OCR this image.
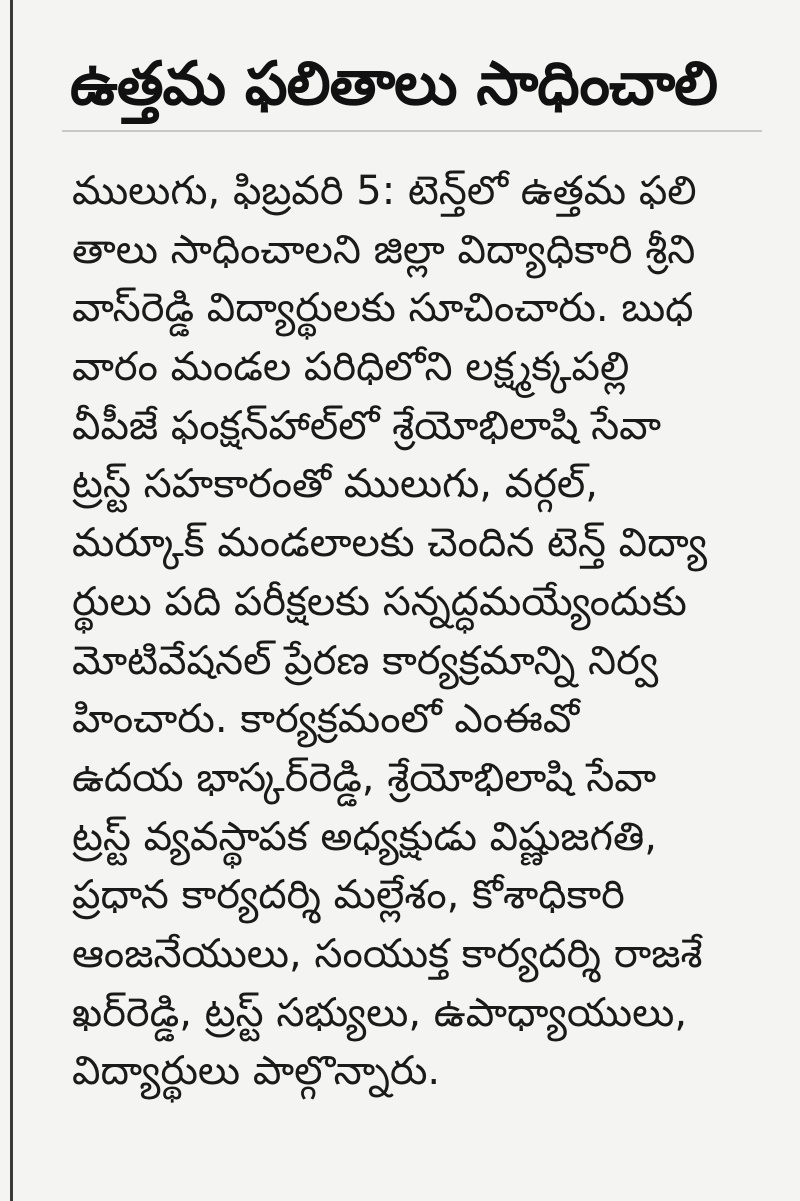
ఉత్తమ ఫలితాలు సాధించాలి
ములుగు, ఫిబ్రవరి 5: టెన్త్‌లో ఉత్తమ ఫలి
తాలు సాధించాలని జిల్లా విద్యాధికారి శ్రీని
వాస్‌రెడ్డి విద్యార్థులకు సూచించారు. బుధ
వారం మండల పరిధిలోని లక్ష్మక్కపల్లి
వీపీజే ఫంక్షన్‌హాల్‌లో శ్రేయోభిలాషి సేవా
ట్రస్ట్ సహకారంతో ములుగు, వర్గల్,
మర్కూక్ మండలాలకు చెందిన టెన్త్ విద్యా
ర్థులు పది పరీక్షలకు సన్నద్ధమయ్యేందుకు
మోటివేషనల్ ప్రేరణ కార్యక్రమాన్ని నిర్వ
హించారు. కార్యక్రమంలో ఎంఈవో
ఉదయ భాస్కర్‌రెడ్డి, శ్రేయోభిలాషి సేవా
ట్రస్ట్ వ్యవస్థాపక అధ్యక్షుడు విష్ణుజగతి,
ప్రధాన కార్యదర్శి మల్లేశం, కోశాధికారి
ఆంజనేయులు, సంయుక్త కార్యదర్శి రాజశే
ఖర్‌రెడ్డి, ట్రస్ట్ సభ్యులు, ఉపాధ్యాయులు,
విద్యార్థులు పాల్గొన్నారు.
